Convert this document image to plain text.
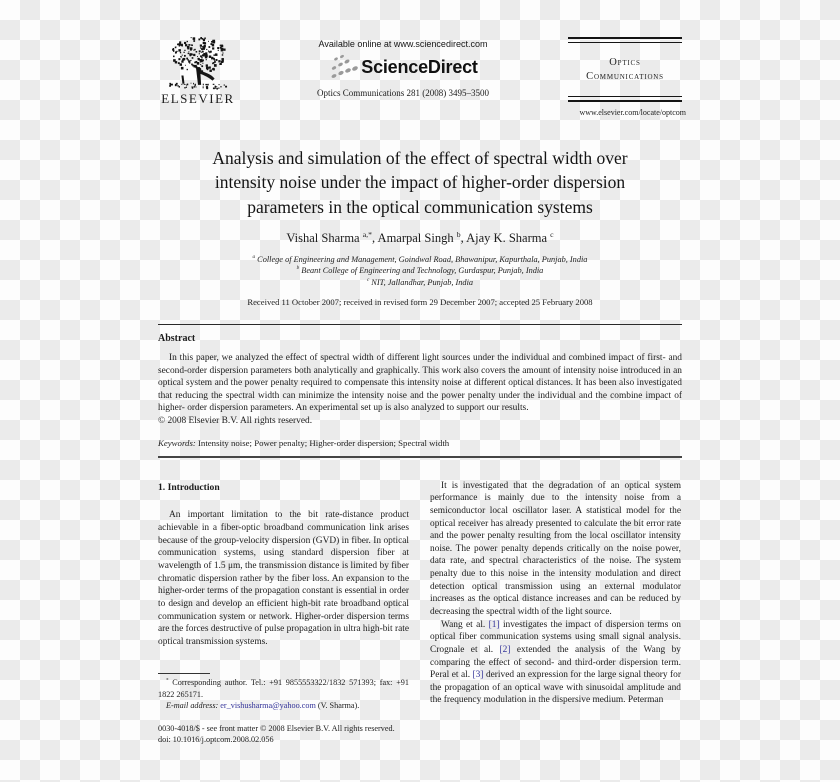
ELSEVIER
Available online at www.sciencedirect.com
ScienceDirect
Optics Communications 281 (2008) 3495–3500
Optics
Communications
www.elsevier.com/locate/optcom
Analysis and simulation of the effect of spectral width over
intensity noise under the impact of higher-order dispersion
parameters in the optical communication systems
Vishal Sharma $^{a,*}$, Amarpal Singh $^b$, Ajay K. Sharma $^c$
$^a$ College of Engineering and Management, Goindwal Road, Bhawanipur, Kapurthala, Punjab, India
$^b$ Beant College of Engineering and Technology, Gurdaspur, Punjab, India
$^c$ NIT, Jallandhar, Punjab, India
Received 11 October 2007; received in revised form 29 December 2007; accepted 25 February 2008
Abstract

In this paper, we analyzed the effect of spectral width of different light sources under the individual and combined impact of first- and second-order dispersion parameters both analytically and graphically. This work also covers the amount of intensity noise introduced in an optical system and the power penalty required to compensate this intensity noise at different optical distances. It has been also investigated that reducing the spectral width can minimize the intensity noise and the power penalty under the individual and the combine impact of higher- order dispersion parameters. An experimental set up is also analyzed to support our results.

© 2008 Elsevier B.V. All rights reserved.

Keywords: Intensity noise; Power penalty; Higher-order dispersion; Spectral width
1. Introduction

An important limitation to the bit rate-distance product achievable in a fiber-optic broadband communication link arises because of the group-velocity dispersion (GVD) in fiber. In optical communication systems, using standard dispersion fiber at wavelength of 1.5 μm, the transmission distance is limited by fiber chromatic dispersion rather by the fiber loss. An expansion to the higher-order terms of the propagation constant is essential in order to design and develop an efficient high-bit rate broadband optical communication system or network. Higher-order dispersion terms are the forces destructive of pulse propagation in ultra high-bit rate optical transmission systems.

* Corresponding author. Tel.: +91 9855553322/1832 571393; fax: +91 1822 265171.

E-mail address: er_vishusharma@yahoo.com (V. Sharma).

0030-4018/$ - see front matter © 2008 Elsevier B.V. All rights reserved.
doi: 10.1016/j.optcom.2008.02.056

It is investigated that the degradation of an optical system performance is mainly due to the intensity noise from a semiconductor local oscillator laser. A statistical model for the optical receiver has already presented to calculate the bit error rate and the power penalty resulting from the local oscillator intensity noise. The power penalty depends critically on the noise power, data rate, and spectral characteristics of the noise. The system penalty due to this noise in the intensity modulation and direct detection optical transmission using an external modulator increases as the optical distance increases and can be reduced by decreasing the spectral width of the light source.

Wang et al. [1] investigates the impact of dispersion terms on optical fiber communication systems using small signal analysis. Crognale et al. [2] extended the analysis of the Wang by comparing the effect of second- and third-order dispersion term. Peral et al. [3] derived an expression for the large signal theory for the propagation of an optical wave with sinusoidal amplitude and the frequency modulation in the dispersive medium. Peterman
